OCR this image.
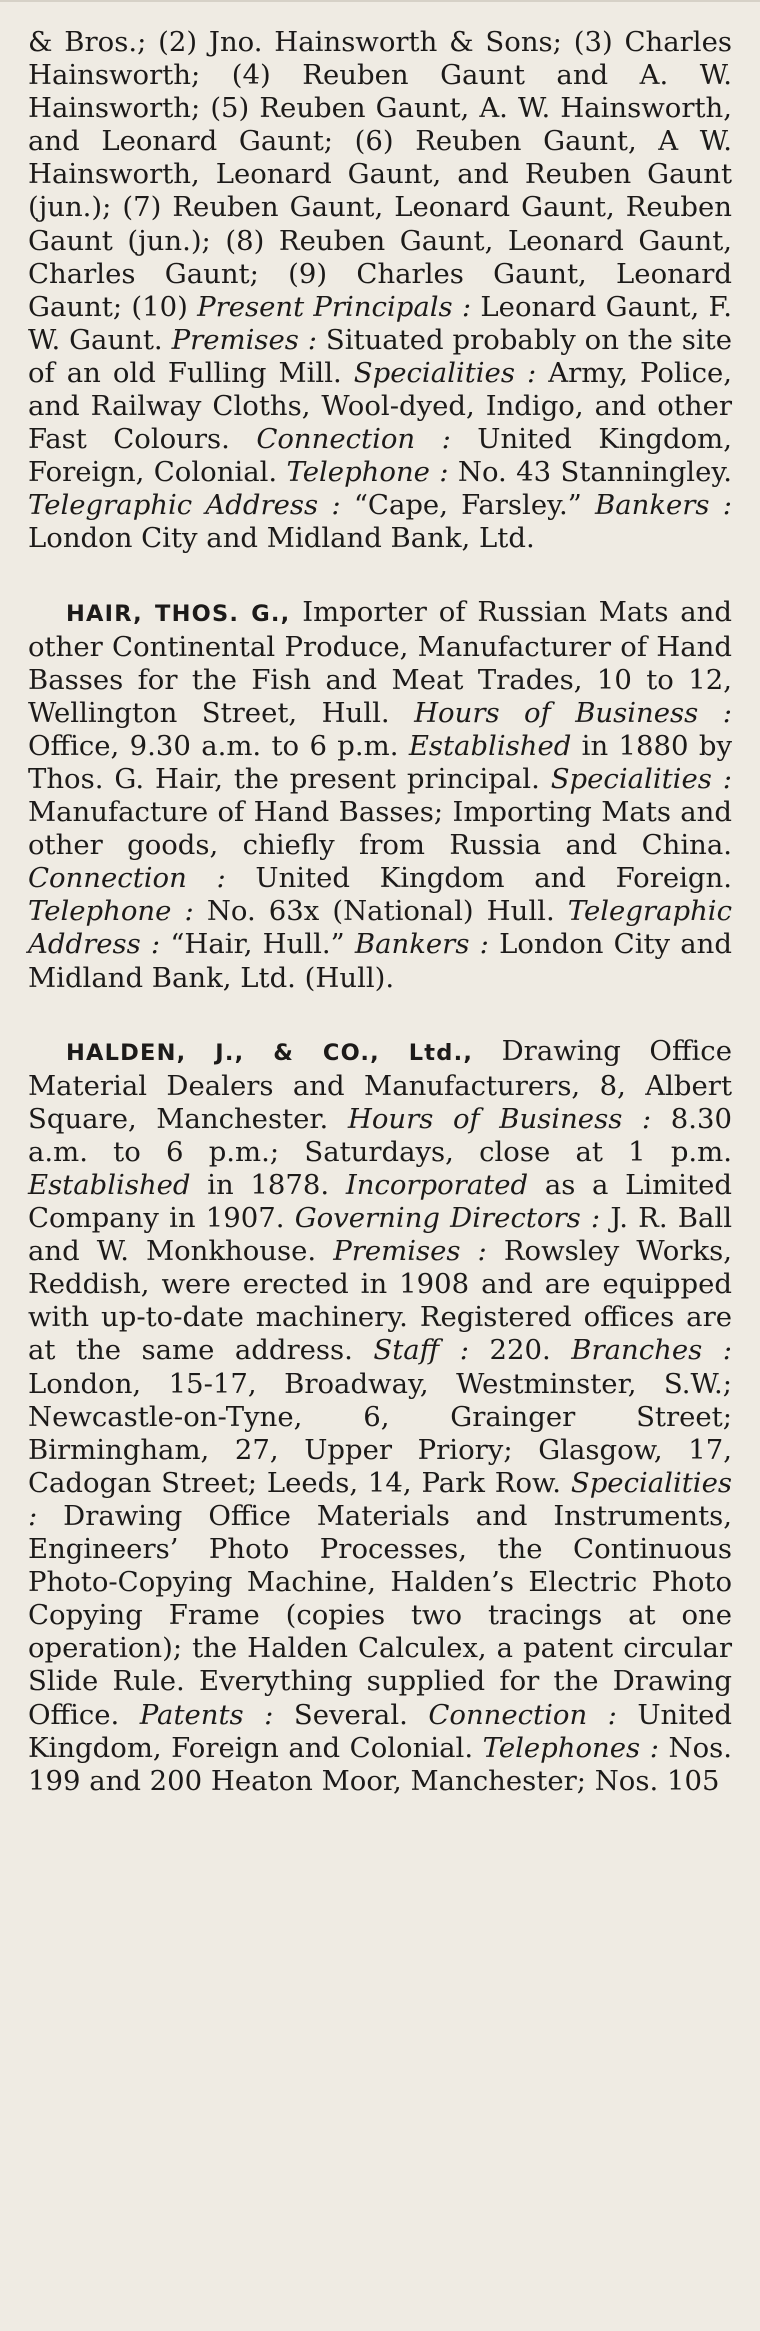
& Bros.; (2) Jno. Hainsworth & Sons; (3) Charles Hainsworth; (4) Reuben Gaunt and A. W. Hainsworth; (5) Reuben Gaunt, A. W. Hainsworth, and Leonard Gaunt; (6) Reuben Gaunt, A W. Hainsworth, Leonard Gaunt, and Reuben Gaunt (jun.); (7) Reuben Gaunt, Leonard Gaunt, Reuben Gaunt (jun.); (8) Reuben Gaunt, Leonard Gaunt, Charles Gaunt; (9) Charles Gaunt, Leonard Gaunt; (10) Present Principals : Leonard Gaunt, F. W. Gaunt. Premises : Situated probably on the site of an old Fulling Mill. Specialities : Army, Police, and Railway Cloths, Wool-dyed, Indigo, and other Fast Colours. Connection : United Kingdom, Foreign, Colonial. Telephone : No. 43 Stanningley. Telegraphic Address : “Cape, Farsley.” Bankers : London City and Midland Bank, Ltd.

HAIR, THOS. G., Importer of Russian Mats and other Continental Produce, Manufacturer of Hand Basses for the Fish and Meat Trades, 10 to 12, Wellington Street, Hull. Hours of Business : Office, 9.30 a.m. to 6 p.m. Established in 1880 by Thos. G. Hair, the present principal. Specialities : Manufacture of Hand Basses; Importing Mats and other goods, chiefly from Russia and China. Connection : United Kingdom and Foreign. Telephone : No. 63x (National) Hull. Telegraphic Address : “Hair, Hull.” Bankers : London City and Midland Bank, Ltd. (Hull).

HALDEN, J., & CO., Ltd., Drawing Office Material Dealers and Manufacturers, 8, Albert Square, Manchester. Hours of Business : 8.30 a.m. to 6 p.m.; Saturdays, close at 1 p.m. Established in 1878. Incorporated as a Limited Company in 1907. Governing Directors : J. R. Ball and W. Monkhouse. Premises : Rowsley Works, Reddish, were erected in 1908 and are equipped with up-to-date machinery. Registered offices are at the same address. Staff : 220. Branches : London, 15-17, Broadway, Westminster, S.W.; Newcastle-on-Tyne, 6, Grainger Street; Birmingham, 27, Upper Priory; Glasgow, 17, Cadogan Street; Leeds, 14, Park Row. Specialities : Drawing Office Materials and Instruments, Engineers’ Photo Processes, the Continuous Photo-Copying Machine, Halden’s Electric Photo Copying Frame (copies two tracings at one operation); the Halden Calculex, a patent circular Slide Rule. Everything supplied for the Drawing Office. Patents : Several. Connection : United Kingdom, Foreign and Colonial. Telephones : Nos. 199 and 200 Heaton Moor, Manchester; Nos. 105
